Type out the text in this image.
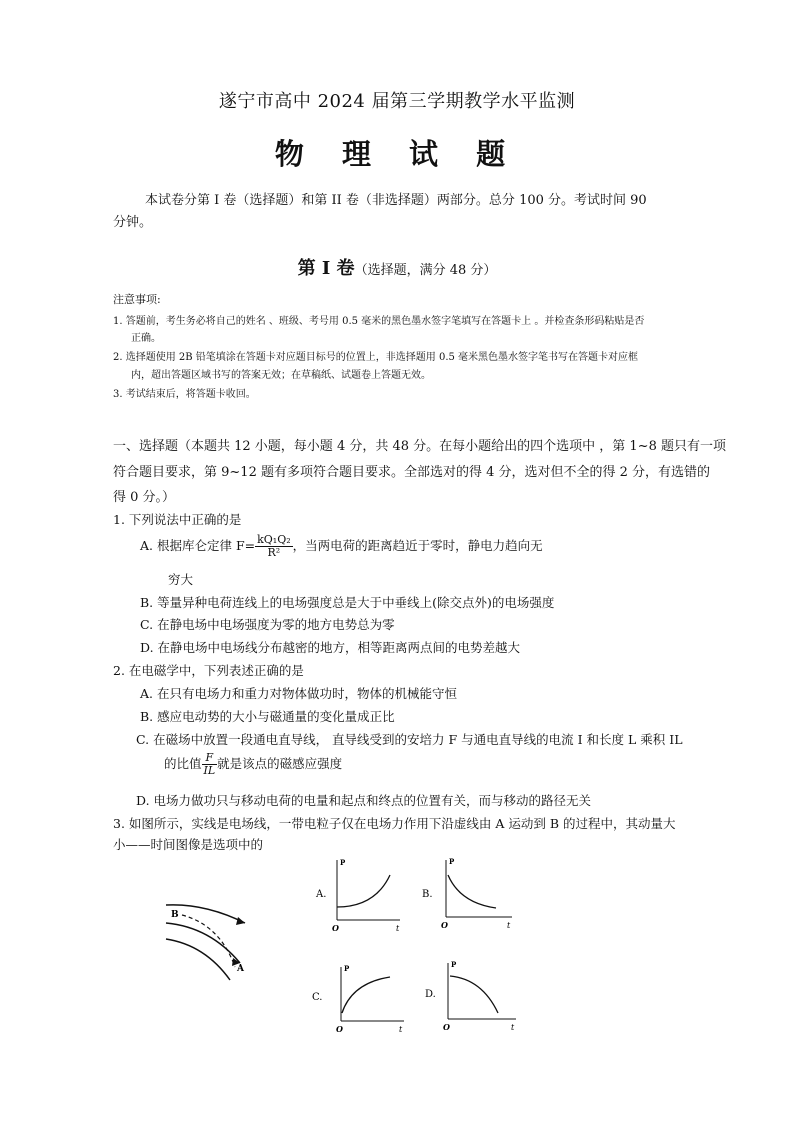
遂宁市高中 2024 届第三学期教学水平监测
物 理 试 题
本试卷分第 I 卷（选择题）和第 II 卷（非选择题）两部分。总分 100 分。考试时间 90
分钟。
第 Ⅰ 卷（选择题，满分 48 分）
注意事项:
1. 答题前，考生务必将自己的姓名 、班级、考号用 0.5 毫米的黑色墨水签字笔填写在答题卡上 。并检查条形码粘贴是否
正确。
2. 选择题使用 2B 铅笔填涂在答题卡对应题目标号的位置上，非选择题用 0.5 毫米黑色墨水签字笔书写在答题卡对应框
内，超出答题区域书写的答案无效；在草稿纸、试题卷上答题无效。
3. 考试结束后，将答题卡收回。
一、选择题（本题共 12 小题，每小题 4 分，共 48 分。在每小题给出的四个选项中 ，第 1~8 题只有一项
符合题目要求，第 9~12 题有多项符合题目要求。全部选对的得 4 分，选对但不全的得 2 分，有选错的
得 0 分。）
1. 下列说法中正确的是
A. 根据库仑定律 $F= \frac{\text{kQ₁Q₂}}{\text{R²}}$ ，当两电荷的距离趋近于零时，静电力趋向无
穷大
B. 等量异种电荷连线上的电场强度总是大于中垂线上(除交点外)的电场强度
C. 在静电场中电场强度为零的地方电势总为零
D. 在静电场中电场线分布越密的地方，相等距离两点间的电势差越大
2. 在电磁学中，下列表述正确的是
A. 在只有电场力和重力对物体做功时，物体的机械能守恒
B. 感应电动势的大小与磁通量的变化量成正比
C. 在磁场中放置一段通电直导线， 直导线受到的安培力 F 与通电直导线的电流 I 和长度 L 乘积 IL
的比值 $\frac{F}{IL}$ 就是该点的磁感应强度
D. 电场力做功只与移动电荷的电量和起点和终点的位置有关，而与移动的路径无关
3. 如图所示，实线是电场线，一带电粒子仅在电场力作用下沿虚线由 A 运动到 B 的过程中，其动量大
小——时间图像是选项中的
B
A
A.
P
O	t
B.
P
O	t
C.
P
O	t
D.
P
O	t
